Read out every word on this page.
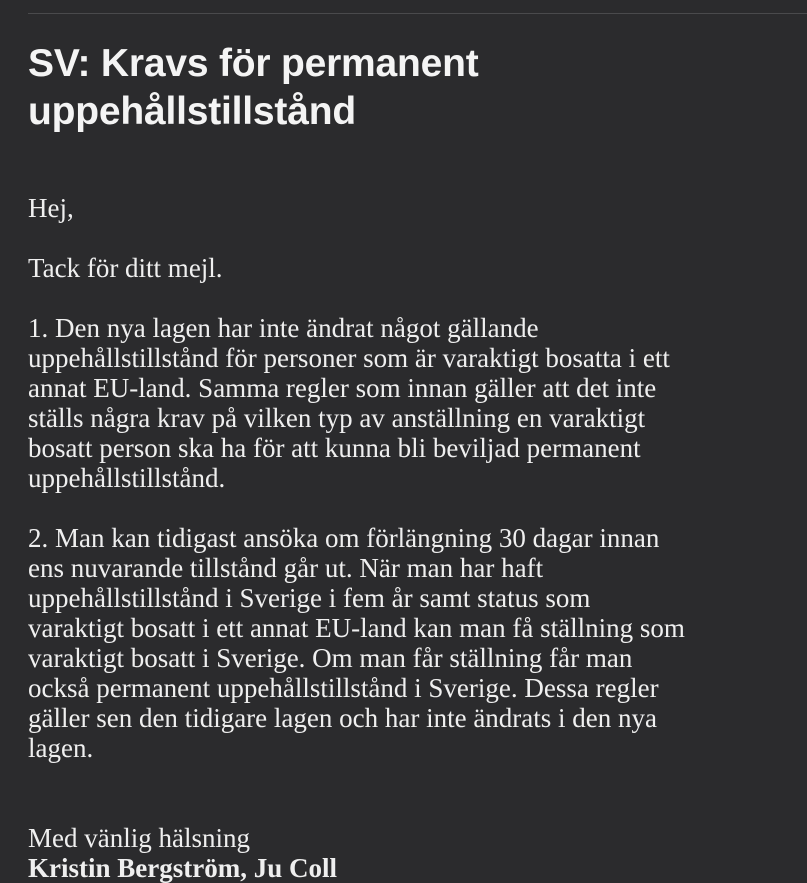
SV: Kravs för permanent uppehållstillstånd

Hej,

Tack för ditt mejl.

1. Den nya lagen har inte ändrat något gällande
uppehållstillstånd för personer som är varaktigt bosatta i ett
annat EU-land. Samma regler som innan gäller att det inte
ställs några krav på vilken typ av anställning en varaktigt
bosatt person ska ha för att kunna bli beviljad permanent
uppehållstillstånd.

2. Man kan tidigast ansöka om förlängning 30 dagar innan
ens nuvarande tillstånd går ut. När man har haft
uppehållstillstånd i Sverige i fem år samt status som
varaktigt bosatt i ett annat EU-land kan man få ställning som
varaktigt bosatt i Sverige. Om man får ställning får man
också permanent uppehållstillstånd i Sverige. Dessa regler
gäller sen den tidigare lagen och har inte ändrats i den nya
lagen.

Med vänlig hälsning

Kristin Bergström, Ju Coll
